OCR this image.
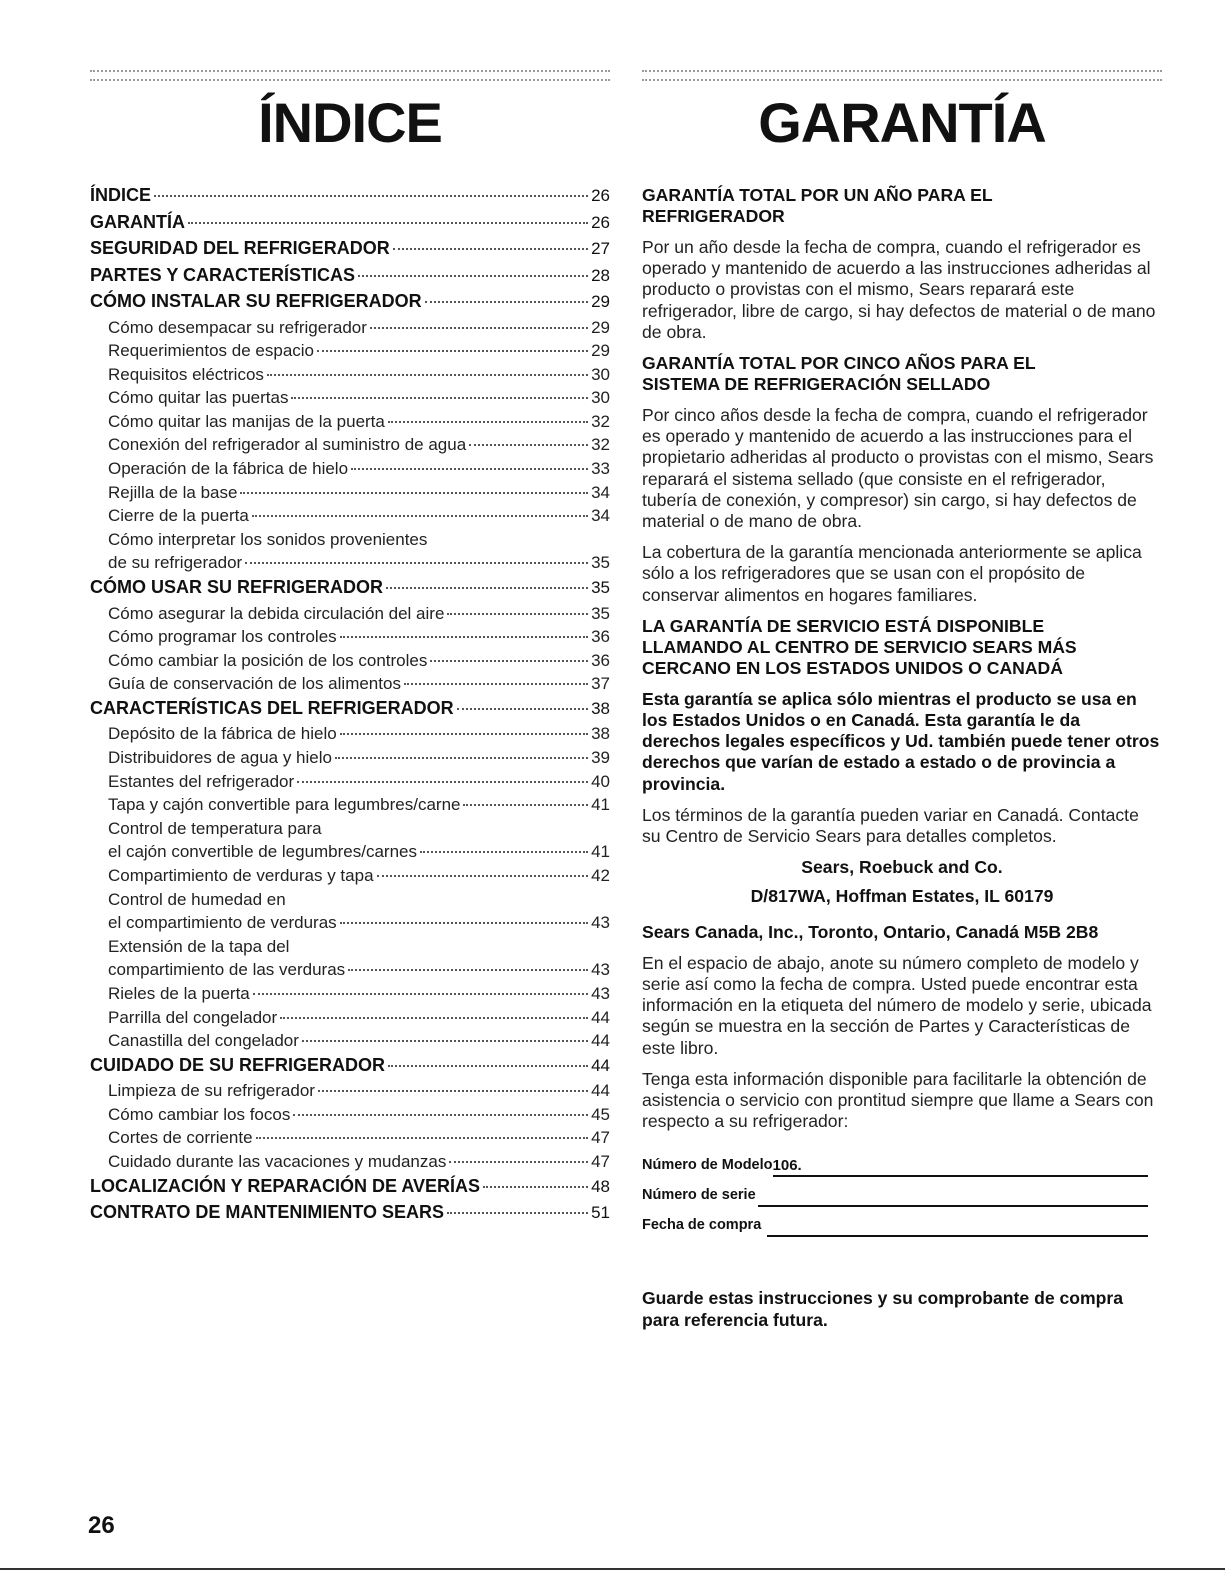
ÍNDICE
ÍNDICE	26
GARANTÍA	26
SEGURIDAD DEL REFRIGERADOR	27
PARTES Y CARACTERÍSTICAS	28
CÓMO INSTALAR SU REFRIGERADOR	29
Cómo desempacar su refrigerador	29
Requerimientos de espacio	29
Requisitos eléctricos	30
Cómo quitar las puertas	30
Cómo quitar las manijas de la puerta	32
Conexión del refrigerador al suministro de agua	32
Operación de la fábrica de hielo	33
Rejilla de la base	34
Cierre de la puerta	34
Cómo interpretar los sonidos provenientes
de su refrigerador	35
CÓMO USAR SU REFRIGERADOR	35
Cómo asegurar la debida circulación del aire	35
Cómo programar los controles	36
Cómo cambiar la posición de los controles	36
Guía de conservación de los alimentos	37
CARACTERÍSTICAS DEL REFRIGERADOR	38
Depósito de la fábrica de hielo	38
Distribuidores de agua y hielo	39
Estantes del refrigerador	40
Tapa y cajón convertible para legumbres/carne	41
Control de temperatura para
el cajón convertible de legumbres/carnes	41
Compartimiento de verduras y tapa	42
Control de humedad en
el compartimiento de verduras	43
Extensión de la tapa del
compartimiento de las verduras	43
Rieles de la puerta	43
Parrilla del congelador	44
Canastilla del congelador	44
CUIDADO DE SU REFRIGERADOR	44
Limpieza de su refrigerador	44
Cómo cambiar los focos	45
Cortes de corriente	47
Cuidado durante las vacaciones y mudanzas	47
LOCALIZACIÓN Y REPARACIÓN DE AVERÍAS	48
CONTRATO DE MANTENIMIENTO SEARS	51
GARANTÍA
GARANTÍA TOTAL POR UN AÑO PARA EL REFRIGERADOR

Por un año desde la fecha de compra, cuando el refrigerador es operado y mantenido de acuerdo a las instrucciones adheridas al producto o provistas con el mismo, Sears reparará este refrigerador, libre de cargo, si hay defectos de material o de mano de obra.

GARANTÍA TOTAL POR CINCO AÑOS PARA EL SISTEMA DE REFRIGERACIÓN SELLADO

Por cinco años desde la fecha de compra, cuando el refrigerador es operado y mantenido de acuerdo a las instrucciones para el propietario adheridas al producto o provistas con el mismo, Sears reparará el sistema sellado (que consiste en el refrigerador, tubería de conexión, y compresor) sin cargo, si hay defectos de material o de mano de obra.

La cobertura de la garantía mencionada anteriormente se aplica sólo a los refrigeradores que se usan con el propósito de conservar alimentos en hogares familiares.

LA GARANTÍA DE SERVICIO ESTÁ DISPONIBLE LLAMANDO AL CENTRO DE SERVICIO SEARS MÁS CERCANO EN LOS ESTADOS UNIDOS O CANADÁ

Esta garantía se aplica sólo mientras el producto se usa en los Estados Unidos o en Canadá. Esta garantía le da derechos legales específicos y Ud. también puede tener otros derechos que varían de estado a estado o de provincia a provincia.

Los términos de la garantía pueden variar en Canadá. Contacte su Centro de Servicio Sears para detalles completos.

Sears, Roebuck and Co.
D/817WA, Hoffman Estates, IL 60179
Sears Canada, Inc., Toronto, Ontario, Canadá M5B 2B8

En el espacio de abajo, anote su número completo de modelo y serie así como la fecha de compra. Usted puede encontrar esta información en la etiqueta del número de modelo y serie, ubicada según se muestra en la sección de Partes y Características de este libro.

Tenga esta información disponible para facilitarle la obtención de asistencia o servicio con prontitud siempre que llame a Sears con respecto a su refrigerador:

Número de Modelo 106.
Número de serie
Fecha de compra
Guarde estas instrucciones y su comprobante de compra para referencia futura.
26
